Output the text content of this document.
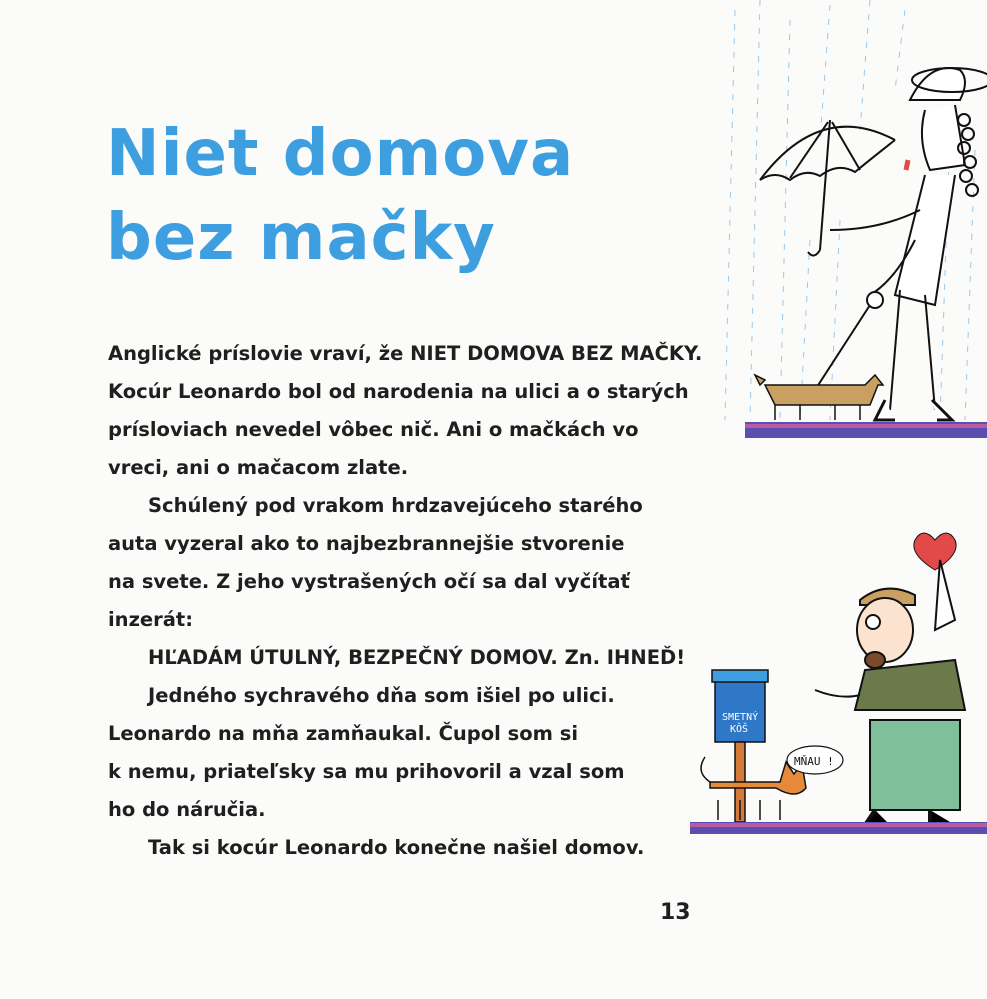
Niet domova
bez mačky

Anglické príslovie vraví, že NIET DOMOVA BEZ MAČKY.

Kocúr Leonardo bol od narodenia na ulici a o starých

prísloviach nevedel vôbec nič. Ani o mačkách vo

vreci, ani o mačacom zlate.

Schúlený pod vrakom hrdzavejúceho starého

auta vyzeral ako to najbezbrannejšie stvorenie

na svete. Z jeho vystrašených očí sa dal vyčítať

inzerát:

HĽADÁM ÚTULNÝ, BEZPEČNÝ DOMOV. Zn. IHNEĎ!

Jedného sychravého dňa som išiel po ulici.

Leonardo na mňa zamňaukal. Čupol som si

k nemu, priateľsky sa mu prihovoril a vzal som

ho do náručia.

Tak si kocúr Leonardo konečne našiel domov.

13
SMETNÝ
KÔŠ
MŇAU !
